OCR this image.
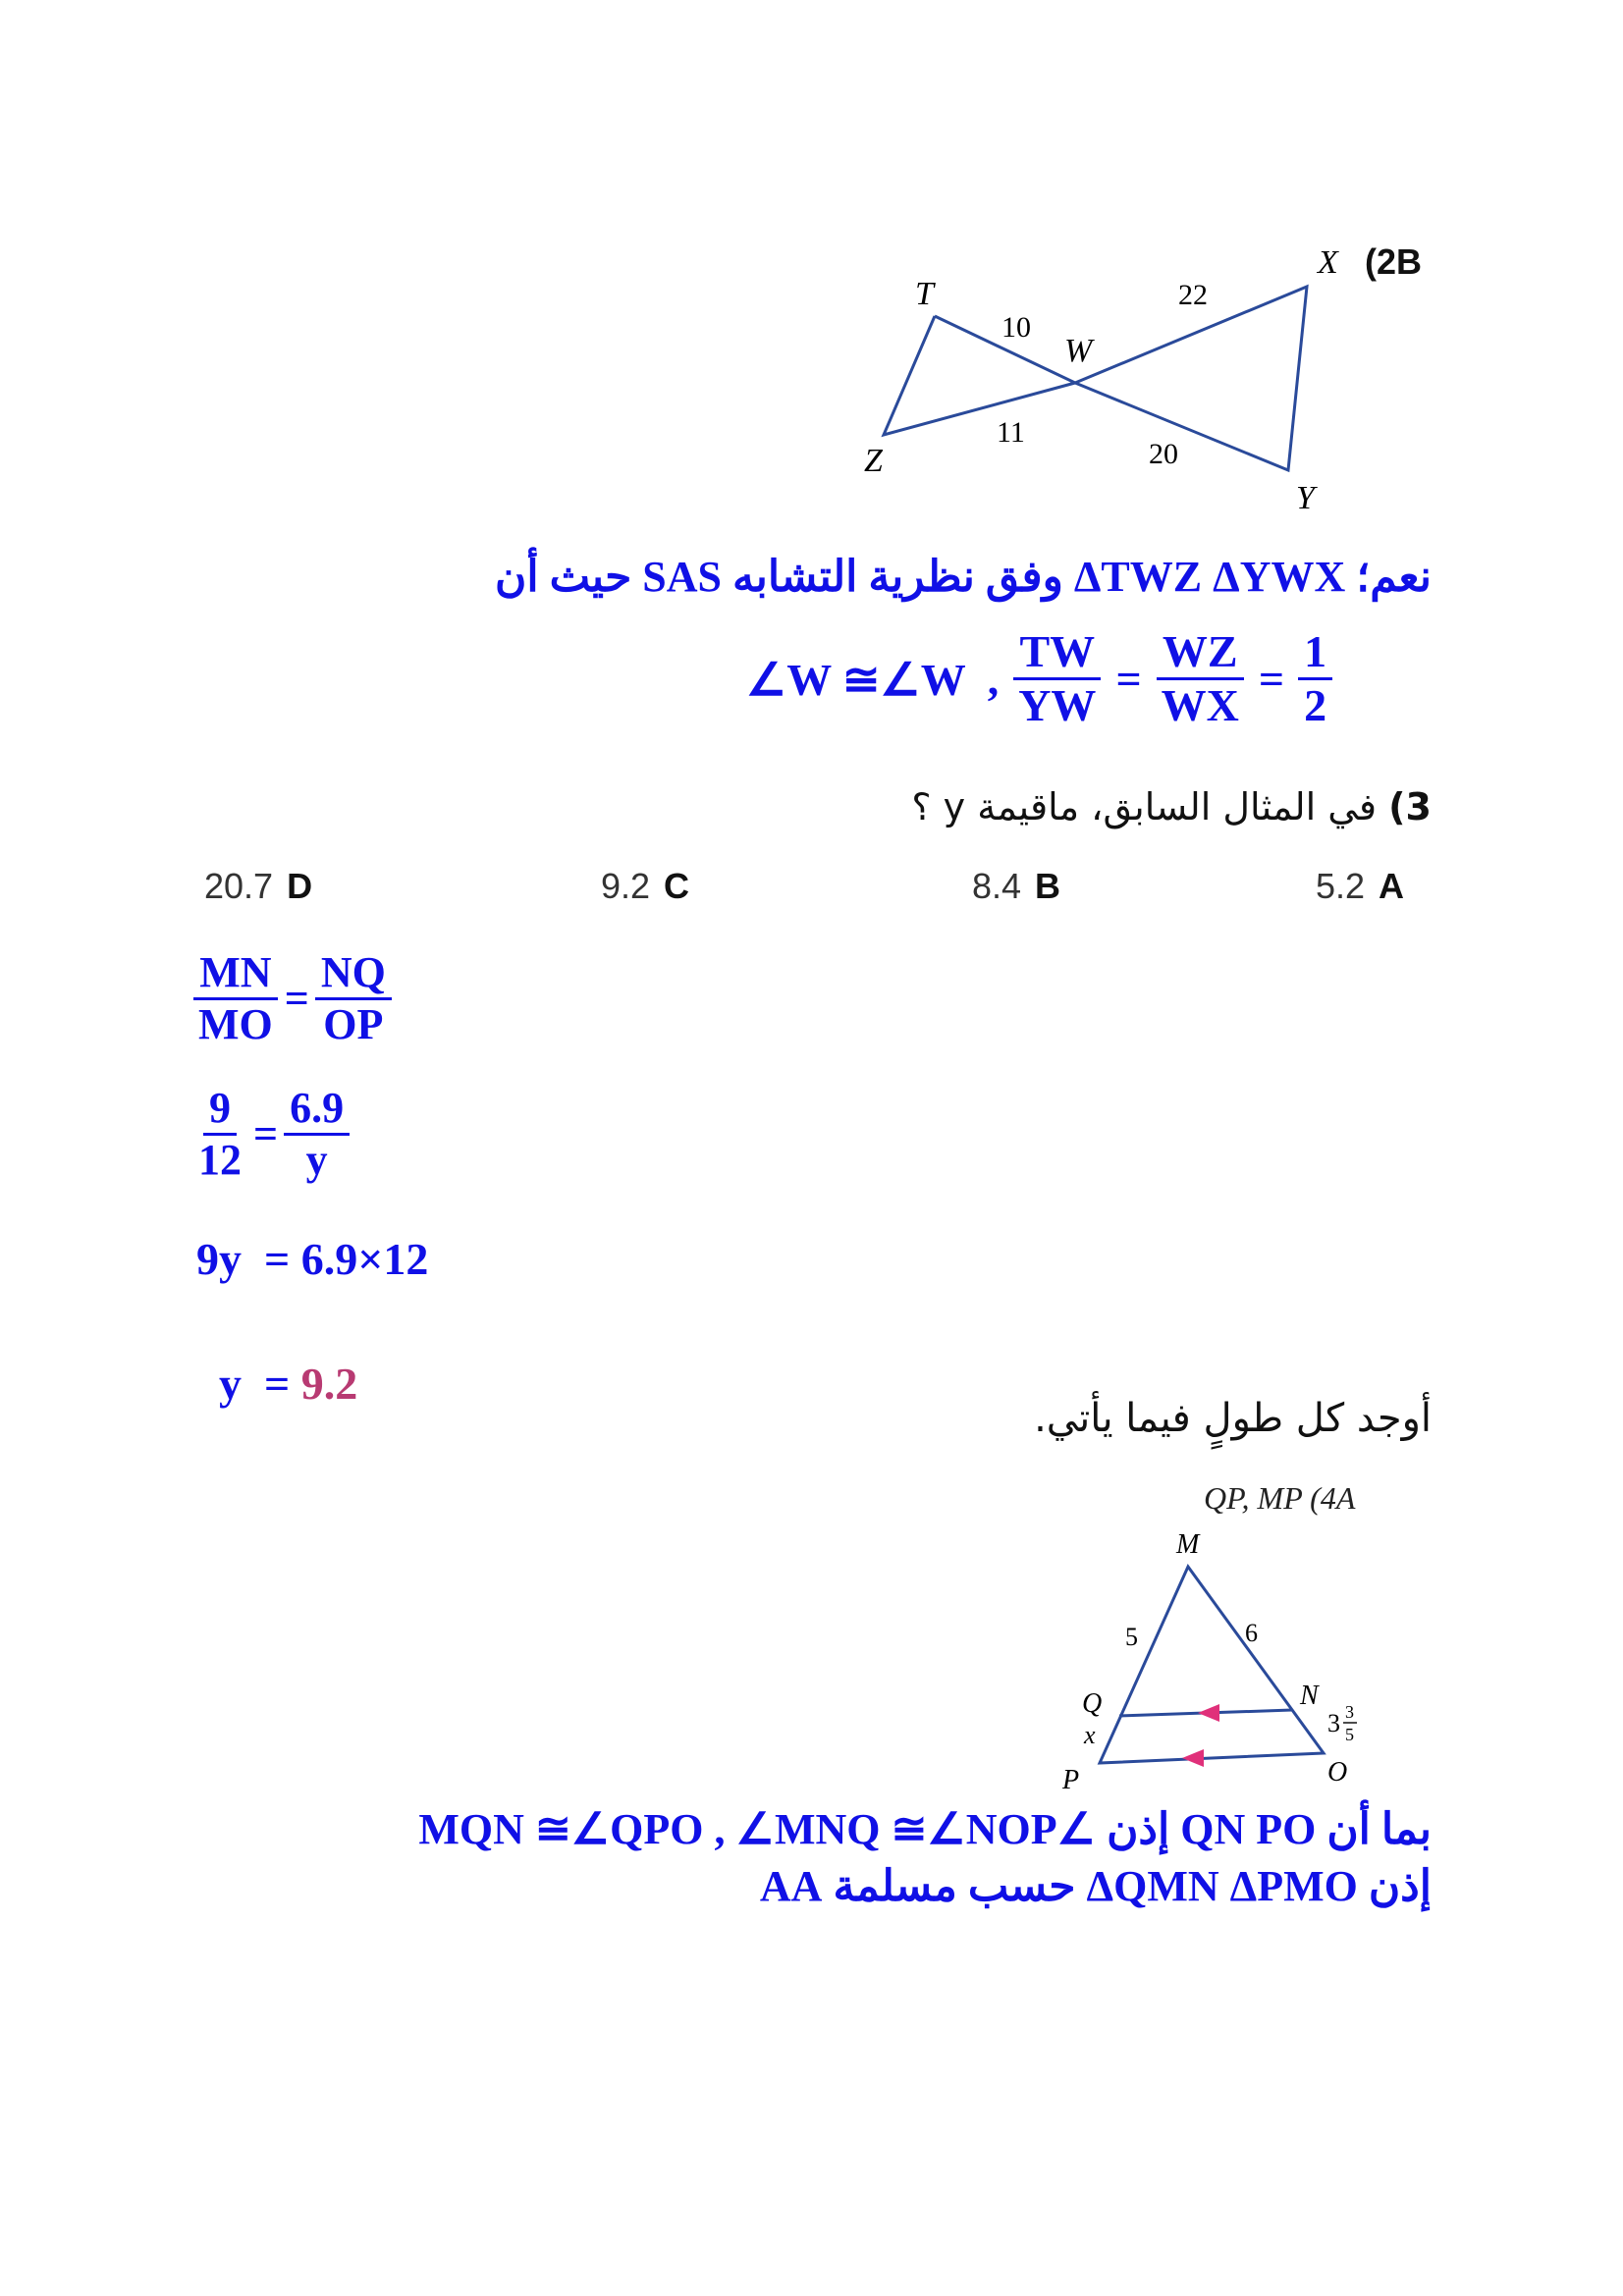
T
X
W
Z
Y
10
22
11
20
(2B
نعم؛ ΔTWZ ΔYWX وفق نظرية التشابه SAS حيث أن
∠W ≅∠W , $\frac{TW}{YW} = \frac{WZ}{WX} = \frac{1}{2}$
3) في المثال السابق، ماقيمة y ؟
5.2 A
8.4 B
9.2 C
20.7 D
$\frac{MN}{MO} = \frac{NQ}{OP}$
$\frac{9}{12} = \frac{6.9}{y}$
9y  = 6.9×12

y  = 9.2

أوجد كل طولٍ فيما يأتي.
QP, MP (4A
M
Q	N
P	O
5	6
x	3 3
5
بما أن QN PO إذن ∠MQN ≅∠QPO , ∠MNQ ≅∠NOP
إذن ΔQMN ΔPMO حسب مسلمة AA
